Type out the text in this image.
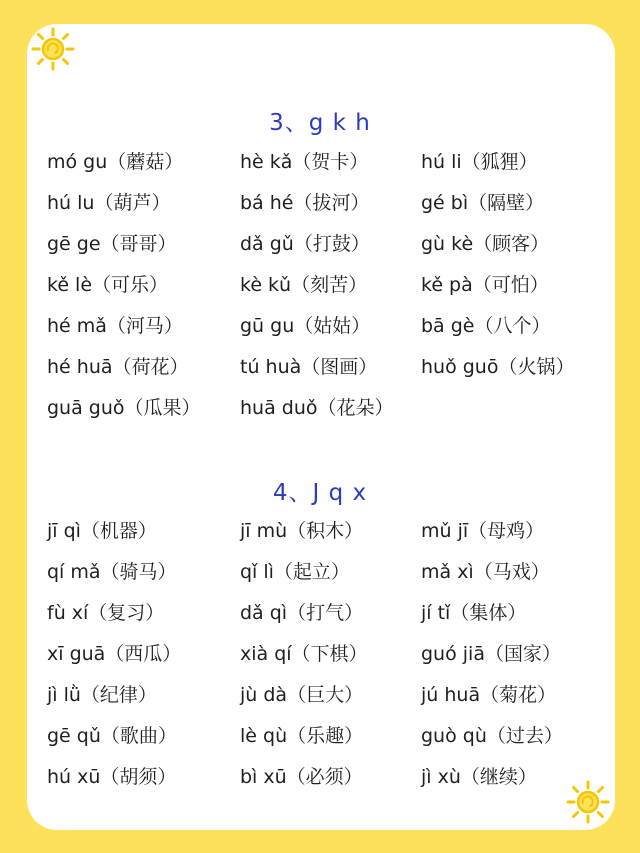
3、g k h
mó gu（蘑菇）	hè kǎ（贺卡）	hú li（狐狸）
hú lu（葫芦）	bá hé（拔河）	gé bì（隔壁）
gē ge（哥哥）	dǎ gǔ（打鼓）	gù kè（顾客）
kě lè（可乐）	kè kǔ（刻苦）	kě pà（可怕）
hé mǎ（河马）	gū gu（姑姑）	bā gè（八个）
hé huā（荷花）	tú huà（图画）	huǒ guō（火锅）
guā guǒ（瓜果）	huā duǒ（花朵）
4、J q x
jī qì（机器）	jī mù（积木）	mǔ jī（母鸡）
qí mǎ（骑马）	qǐ lì（起立）	mǎ xì（马戏）
fù xí（复习）	dǎ qì（打气）	jí tǐ（集体）
xī guā（西瓜）	xià qí（下棋）	guó jiā（国家）
jì lǜ（纪律）	jù dà（巨大）	jú huā（菊花）
gē qǔ（歌曲）	lè qù（乐趣）	guò qù（过去）
hú xū（胡须）	bì xū（必须）	jì xù（继续）
